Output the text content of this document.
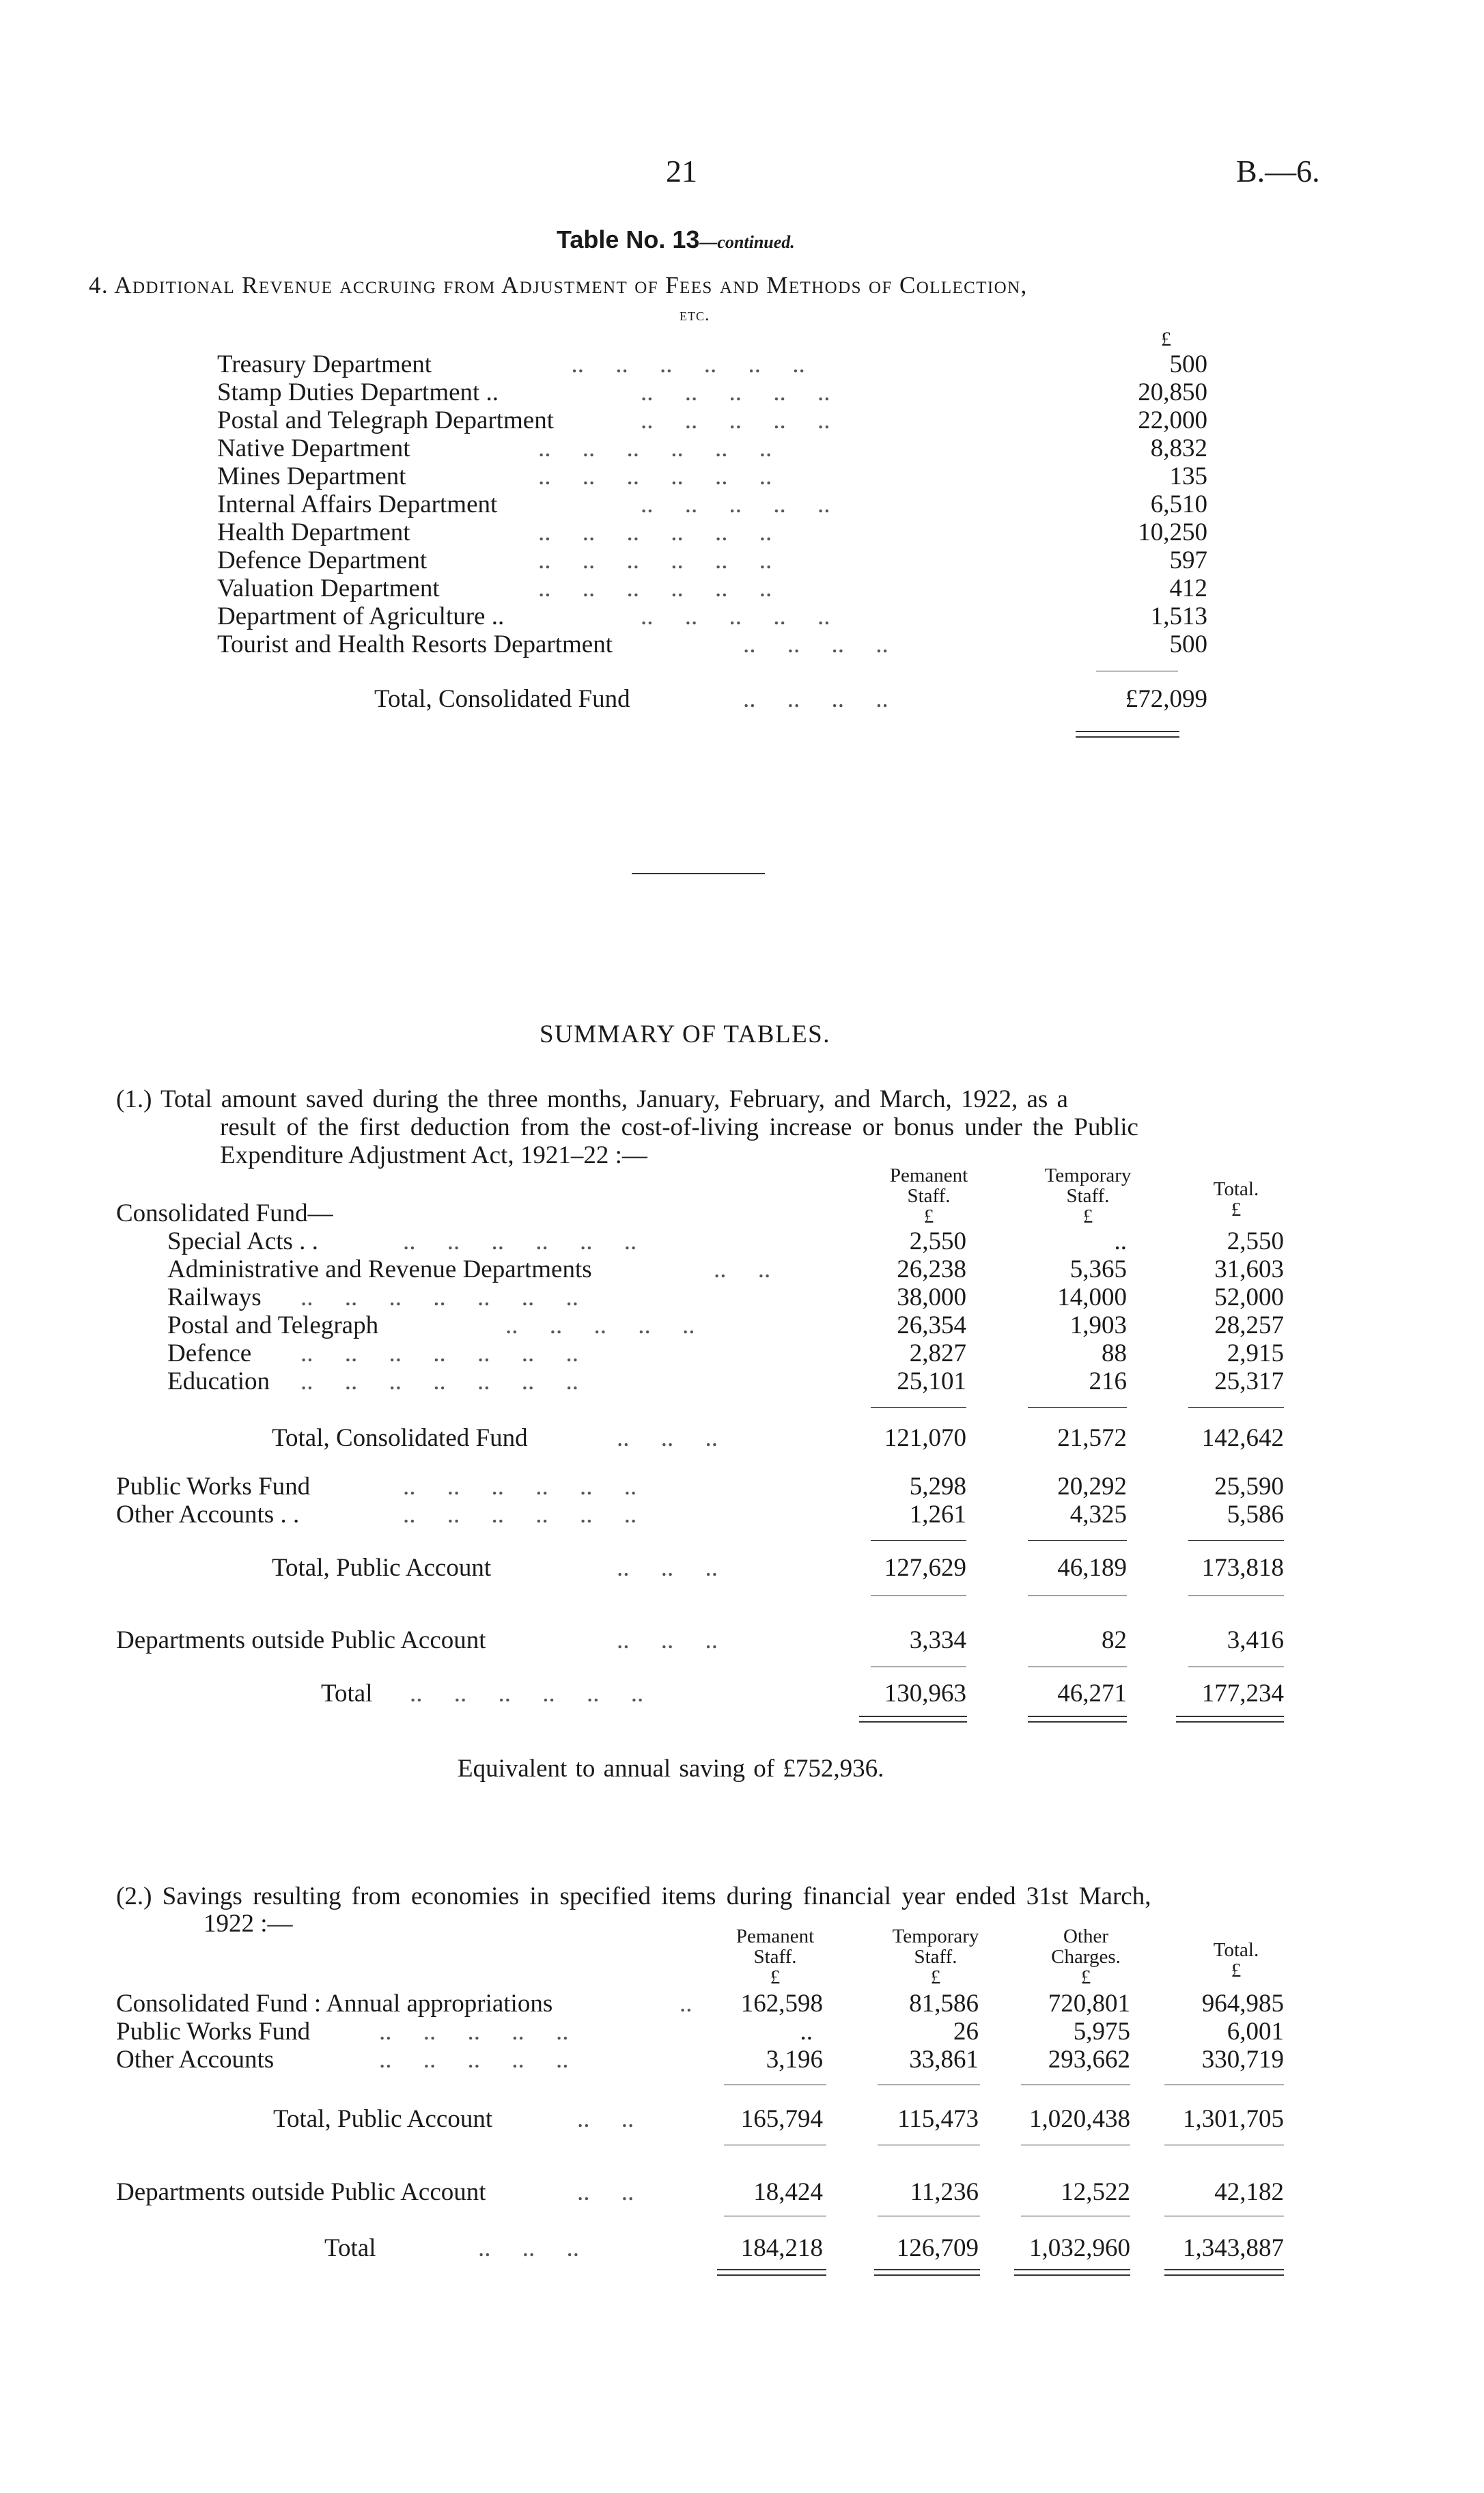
21	B.—6.
Table No. 13—continued.
4. Additional Revenue accruing from Adjustment of Fees and Methods of Collection,
etc.
£
Treasury Department	..     ..     ..     ..     ..     ..	500
Stamp Duties Department ..	..     ..     ..     ..     ..	20,850
Postal and Telegraph Department	..     ..     ..     ..     ..	22,000
Native Department	..     ..     ..     ..     ..     ..	8,832
Mines Department	..     ..     ..     ..     ..     ..	135
Internal Affairs Department	..     ..     ..     ..     ..	6,510
Health Department	..     ..     ..     ..     ..     ..	10,250
Defence Department	..     ..     ..     ..     ..     ..	597
Valuation Department	..     ..     ..     ..     ..     ..	412
Department of Agriculture ..	..     ..     ..     ..     ..	1,513
Tourist and Health Resorts Department	..     ..     ..     ..	500
Total, Consolidated Fund	..     ..     ..     ..	£72,099
SUMMARY OF TABLES.
(1.) Total amount saved during the three months, January, February, and March, 1922, as a
result of the first deduction from the cost-of-living increase or bonus under the Public
Expenditure Adjustment Act, 1921–22 :—
Pemanent
Staff.
£
Temporary
Staff.
£
Total.
£
Consolidated Fund—
Special Acts . .	..     ..     ..     ..     ..     ..	2,550	..	2,550
Administrative and Revenue Departments	..     ..	26,238	5,365	31,603
Railways ..     ..     ..     ..     ..     ..     ..	38,000	14,000	52,000
Postal and Telegraph	..     ..     ..     ..     ..	26,354	1,903	28,257
Defence ..     ..     ..     ..     ..     ..     ..	2,827	88	2,915
Education ..     ..     ..     ..     ..     ..     ..	25,101	216	25,317
Total, Consolidated Fund	..     ..     ..	121,070	21,572	142,642
Public Works Fund	..     ..     ..     ..     ..     ..	5,298	20,292	25,590
Other Accounts . .	..     ..     ..     ..     ..     ..	1,261	4,325	5,586
Total, Public Account	..     ..     ..	127,629	46,189	173,818
Departments outside Public Account	..     ..     ..	3,334	82	3,416
Total ..     ..     ..     ..     ..     ..	130,963	46,271	177,234
Equivalent to annual saving of £752,936.
(2.) Savings resulting from economies in specified items during financial year ended 31st March,
1922 :—	Pemanent
Staff.
£
Temporary
Staff.
£
Other
Charges.
£
Total.
£
Consolidated Fund : Annual appropriations	.. 162,598	81,586	720,801	964,985
Public Works Fund	..     ..     ..     ..     ..	..	26	5,975	6,001
Other Accounts	..     ..     ..     ..     ..	3,196	33,861	293,662	330,719
Total, Public Account	..     ..	165,794	115,473 1,020,438 1,301,705
Departments outside Public Account	..     ..	18,424	11,236	12,522	42,182
Total	..     ..     ..	184,218	126,709 1,032,960 1,343,887
